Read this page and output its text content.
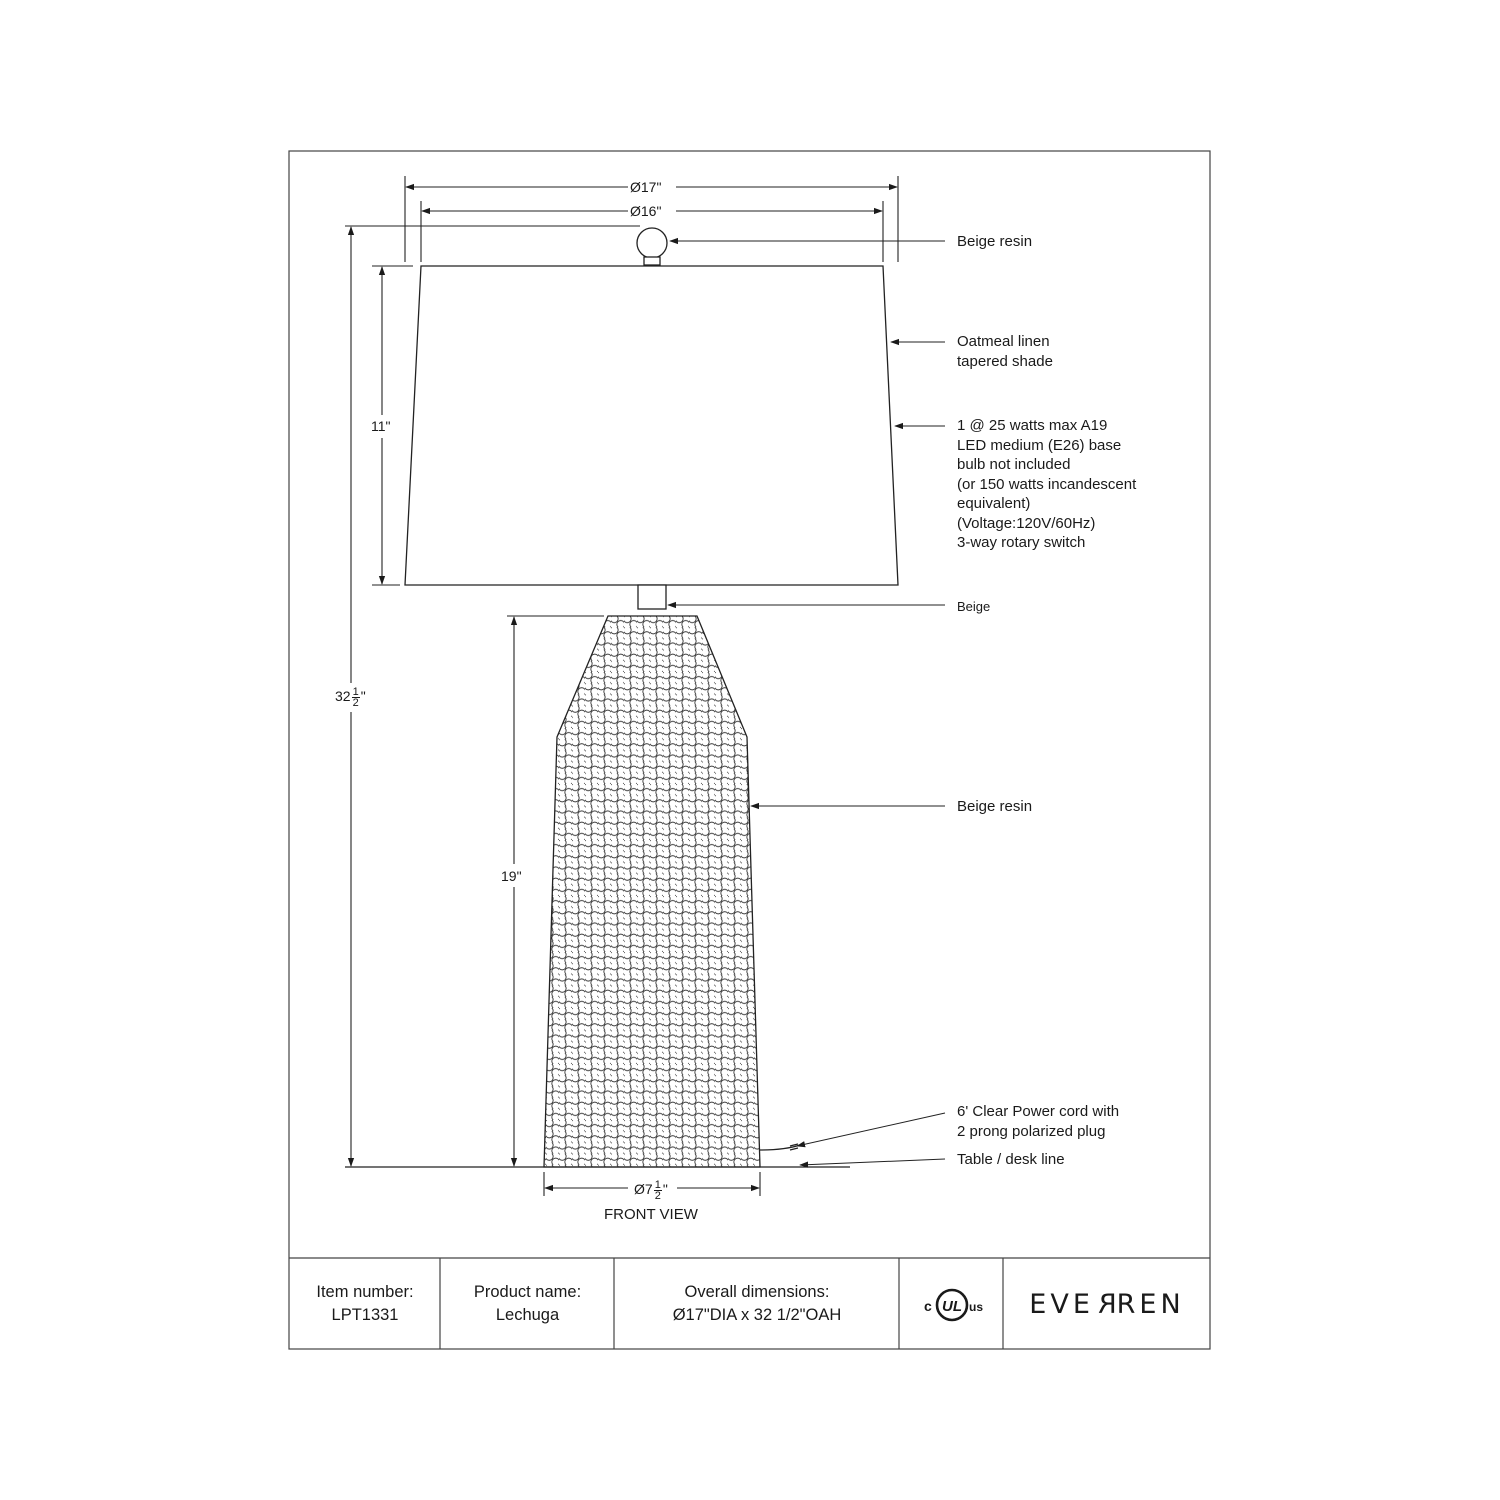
Ø17"
Ø16"
11"
$32 \frac{1}{2}$ "
19"
Ø7 $\frac{1}{2}$ "
FRONT VIEW
Beige resin
Oatmeal linen
tapered shade
1 @ 25 watts max A19
LED medium (E26) base
bulb not included
(or 150 watts incandescent
equivalent)
(Voltage:120V/60Hz)
3-way rotary switch
Beige
Beige resin
6' Clear Power cord with
2 prong polarized plug
Table / desk line
Item number:
LPT1331
Product name:
Lechuga
Overall dimensions:
Ø17"DIA x 32 1/2"OAH	c UL us EVE R REN
